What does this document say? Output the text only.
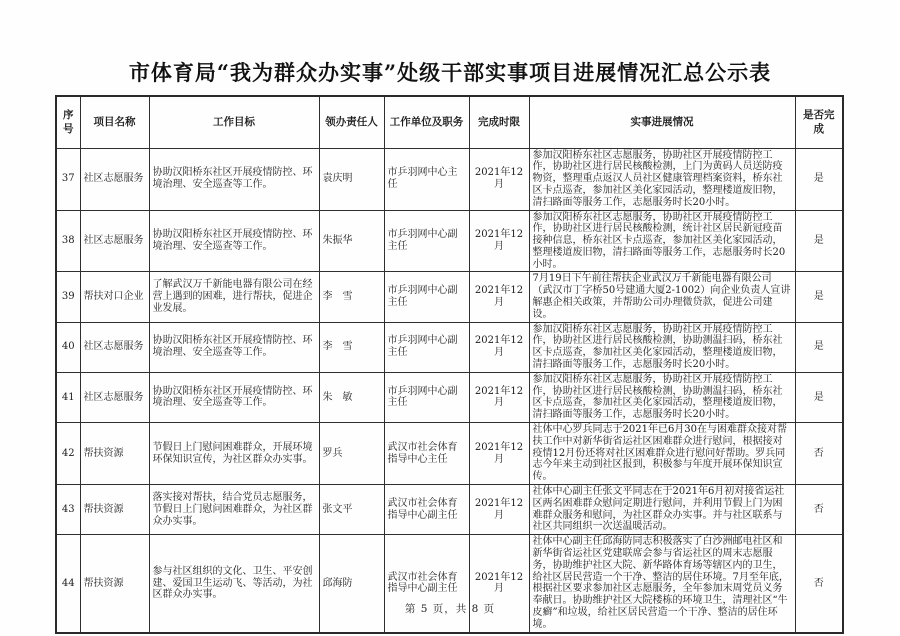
市体育局“我为群众办实事”处级干部实事项目进展情况汇总公示表
序号	项目名称	工作目标	领办责任人	工作单位及职务	完成时限	实事进展情况	是否完成
37	社区志愿服务	协助汉阳桥东社区开展疫情防控、环境治理、安全巡查等工作。	袁庆明	市乒羽网中心主任	2021年12月	参加汉阳桥东社区志愿服务，协助社区开展疫情防控工作，协助社区进行居民核酸检测，上门为黄码人员送防疫物资，整理重点返汉人员社区健康管理档案资料，桥东社区卡点巡查，参加社区美化家园活动，整理楼道废旧物，清扫路面等服务工作，志愿服务时长20小时。	是
38	社区志愿服务	协助汉阳桥东社区开展疫情防控、环境治理、安全巡查等工作。	朱振华	市乒羽网中心副主任	2021年12月	参加汉阳桥东社区志愿服务，协助社区开展疫情防控工作，协助社区进行居民核酸检测，统计社区居民新冠疫苗接种信息，桥东社区卡点巡查，参加社区美化家园活动，整理楼道废旧物，清扫路面等服务工作，志愿服务时长20小时。	是
39	帮扶对口企业	了解武汉万千新能电器有限公司在经营上遇到的困难，进行帮扶，促进企业发展。	李　雪	市乒羽网中心副主任	2021年12月	7月19日下午前往帮扶企业武汉万千新能电器有限公司（武汉市丁字桥50号建通大厦2-1002）向企业负责人宣讲解惠企相关政策，并帮助公司办理微贷款，促进公司建设。	是
40	社区志愿服务	协助汉阳桥东社区开展疫情防控、环境治理、安全巡查等工作。	李　雪	市乒羽网中心副主任	2021年12月	参加汉阳桥东社区志愿服务，协助社区开展疫情防控工作，协助社区进行居民核酸检测，协助测温扫码，桥东社区卡点巡查，参加社区美化家园活动，整理楼道废旧物，清扫路面等服务工作，志愿服务时长20小时。	是
41	社区志愿服务	协助汉阳桥东社区开展疫情防控、环境治理、安全巡查等工作。	朱　敏	市乒羽网中心副主任	2021年12月	参加汉阳桥东社区志愿服务，协助社区开展疫情防控工作，协助社区进行居民核酸检测，协助测温扫码，桥东社区卡点巡查，参加社区美化家园活动，整理楼道废旧物，清扫路面等服务工作，志愿服务时长20小时。	是
42	帮扶资源	节假日上门慰问困难群众，开展环境环保知识宣传，为社区群众办实事。	罗兵	武汉市社会体育指导中心主任	2021年12月	社体中心罗兵同志于2021年已6月30在与困难群众接对帮扶工作中对新华街省运社区困难群众进行慰问，根据接对疫情12月份还将对社区困难群众进行慰问好帮助。罗兵同志今年来主动到社区报到，积极参与年度开展环保知识宣传。	否
43	帮扶资源	落实接对帮扶，结合党员志愿服务，节假日上门慰问困难群众，为社区群众办实事。	张文平	武汉市社会体育指导中心副主任	2021年12月	社体中心副主任张文平同志在于2021年6月初对接省运社区两名困难群众慰问定期进行慰问，并利用节假上门为困难群众服务和慰问，为社区群众办实事。并与社区联系与社区共同组织一次送温暖活动。	否
44	帮扶资源	参与社区组织的文化、卫生、平安创建、爱国卫生运动飞、等活动，为社区群众办实事。	邱海防	武汉市社会体育指导中心副主任	2021年12月	社体中心副主任邱海防同志积极落实了白沙洲邮电社区和新华街省运社区党建联席会参与省运社区的周末志愿服务，协助维护社区大院、新华路体育场等辖区内的卫生，给社区居民营造一个干净、整洁的居住环境。7月至年底，根据社区要求参加社区志愿服务，全年参加末周党员义务奉献日。协助维护社区大院楼栋的环境卫生，清理社区“牛皮癣”和垃圾，给社区居民营造一个干净、整洁的居住环境。	否
第 5 页，共 8 页
